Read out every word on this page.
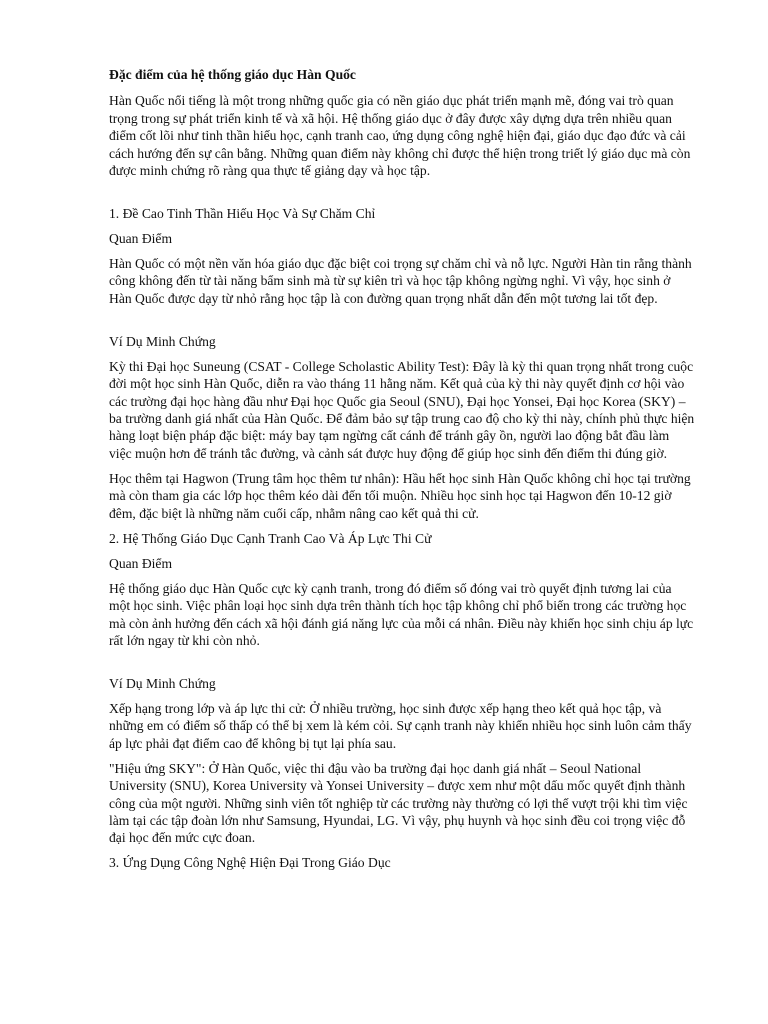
Đặc điểm của hệ thống giáo dục Hàn Quốc

Hàn Quốc nổi tiếng là một trong những quốc gia có nền giáo dục phát triển mạnh mẽ, đóng vai trò quan trọng trong sự phát triển kinh tế và xã hội. Hệ thống giáo dục ở đây được xây dựng dựa trên nhiều quan điểm cốt lõi như tinh thần hiếu học, cạnh tranh cao, ứng dụng công nghệ hiện đại, giáo dục đạo đức và cải cách hướng đến sự cân bằng. Những quan điểm này không chỉ được thể hiện trong triết lý giáo dục mà còn được minh chứng rõ ràng qua thực tế giảng dạy và học tập.

1. Đề Cao Tinh Thần Hiếu Học Và Sự Chăm Chỉ

Quan Điểm

Hàn Quốc có một nền văn hóa giáo dục đặc biệt coi trọng sự chăm chỉ và nỗ lực. Người Hàn tin rằng thành công không đến từ tài năng bẩm sinh mà từ sự kiên trì và học tập không ngừng nghỉ. Vì vậy, học sinh ở Hàn Quốc được dạy từ nhỏ rằng học tập là con đường quan trọng nhất dẫn đến một tương lai tốt đẹp.

Ví Dụ Minh Chứng

Kỳ thi Đại học Suneung (CSAT - College Scholastic Ability Test): Đây là kỳ thi quan trọng nhất trong cuộc đời một học sinh Hàn Quốc, diễn ra vào tháng 11 hằng năm. Kết quả của kỳ thi này quyết định cơ hội vào các trường đại học hàng đầu như Đại học Quốc gia Seoul (SNU), Đại học Yonsei, Đại học Korea (SKY) – ba trường danh giá nhất của Hàn Quốc. Để đảm bảo sự tập trung cao độ cho kỳ thi này, chính phủ thực hiện hàng loạt biện pháp đặc biệt: máy bay tạm ngừng cất cánh để tránh gây ồn, người lao động bắt đầu làm việc muộn hơn để tránh tắc đường, và cảnh sát được huy động để giúp học sinh đến điểm thi đúng giờ.

Học thêm tại Hagwon (Trung tâm học thêm tư nhân): Hầu hết học sinh Hàn Quốc không chỉ học tại trường mà còn tham gia các lớp học thêm kéo dài đến tối muộn. Nhiều học sinh học tại Hagwon đến 10-12 giờ đêm, đặc biệt là những năm cuối cấp, nhằm nâng cao kết quả thi cử.

2. Hệ Thống Giáo Dục Cạnh Tranh Cao Và Áp Lực Thi Cử

Quan Điểm

Hệ thống giáo dục Hàn Quốc cực kỳ cạnh tranh, trong đó điểm số đóng vai trò quyết định tương lai của một học sinh. Việc phân loại học sinh dựa trên thành tích học tập không chỉ phổ biến trong các trường học mà còn ảnh hưởng đến cách xã hội đánh giá năng lực của mỗi cá nhân. Điều này khiến học sinh chịu áp lực rất lớn ngay từ khi còn nhỏ.

Ví Dụ Minh Chứng

Xếp hạng trong lớp và áp lực thi cử: Ở nhiều trường, học sinh được xếp hạng theo kết quả học tập, và những em có điểm số thấp có thể bị xem là kém cỏi. Sự cạnh tranh này khiến nhiều học sinh luôn cảm thấy áp lực phải đạt điểm cao để không bị tụt lại phía sau.

"Hiệu ứng SKY": Ở Hàn Quốc, việc thi đậu vào ba trường đại học danh giá nhất – Seoul National University (SNU), Korea University và Yonsei University – được xem như một dấu mốc quyết định thành công của một người. Những sinh viên tốt nghiệp từ các trường này thường có lợi thế vượt trội khi tìm việc làm tại các tập đoàn lớn như Samsung, Hyundai, LG. Vì vậy, phụ huynh và học sinh đều coi trọng việc đỗ đại học đến mức cực đoan.

3. Ứng Dụng Công Nghệ Hiện Đại Trong Giáo Dục
